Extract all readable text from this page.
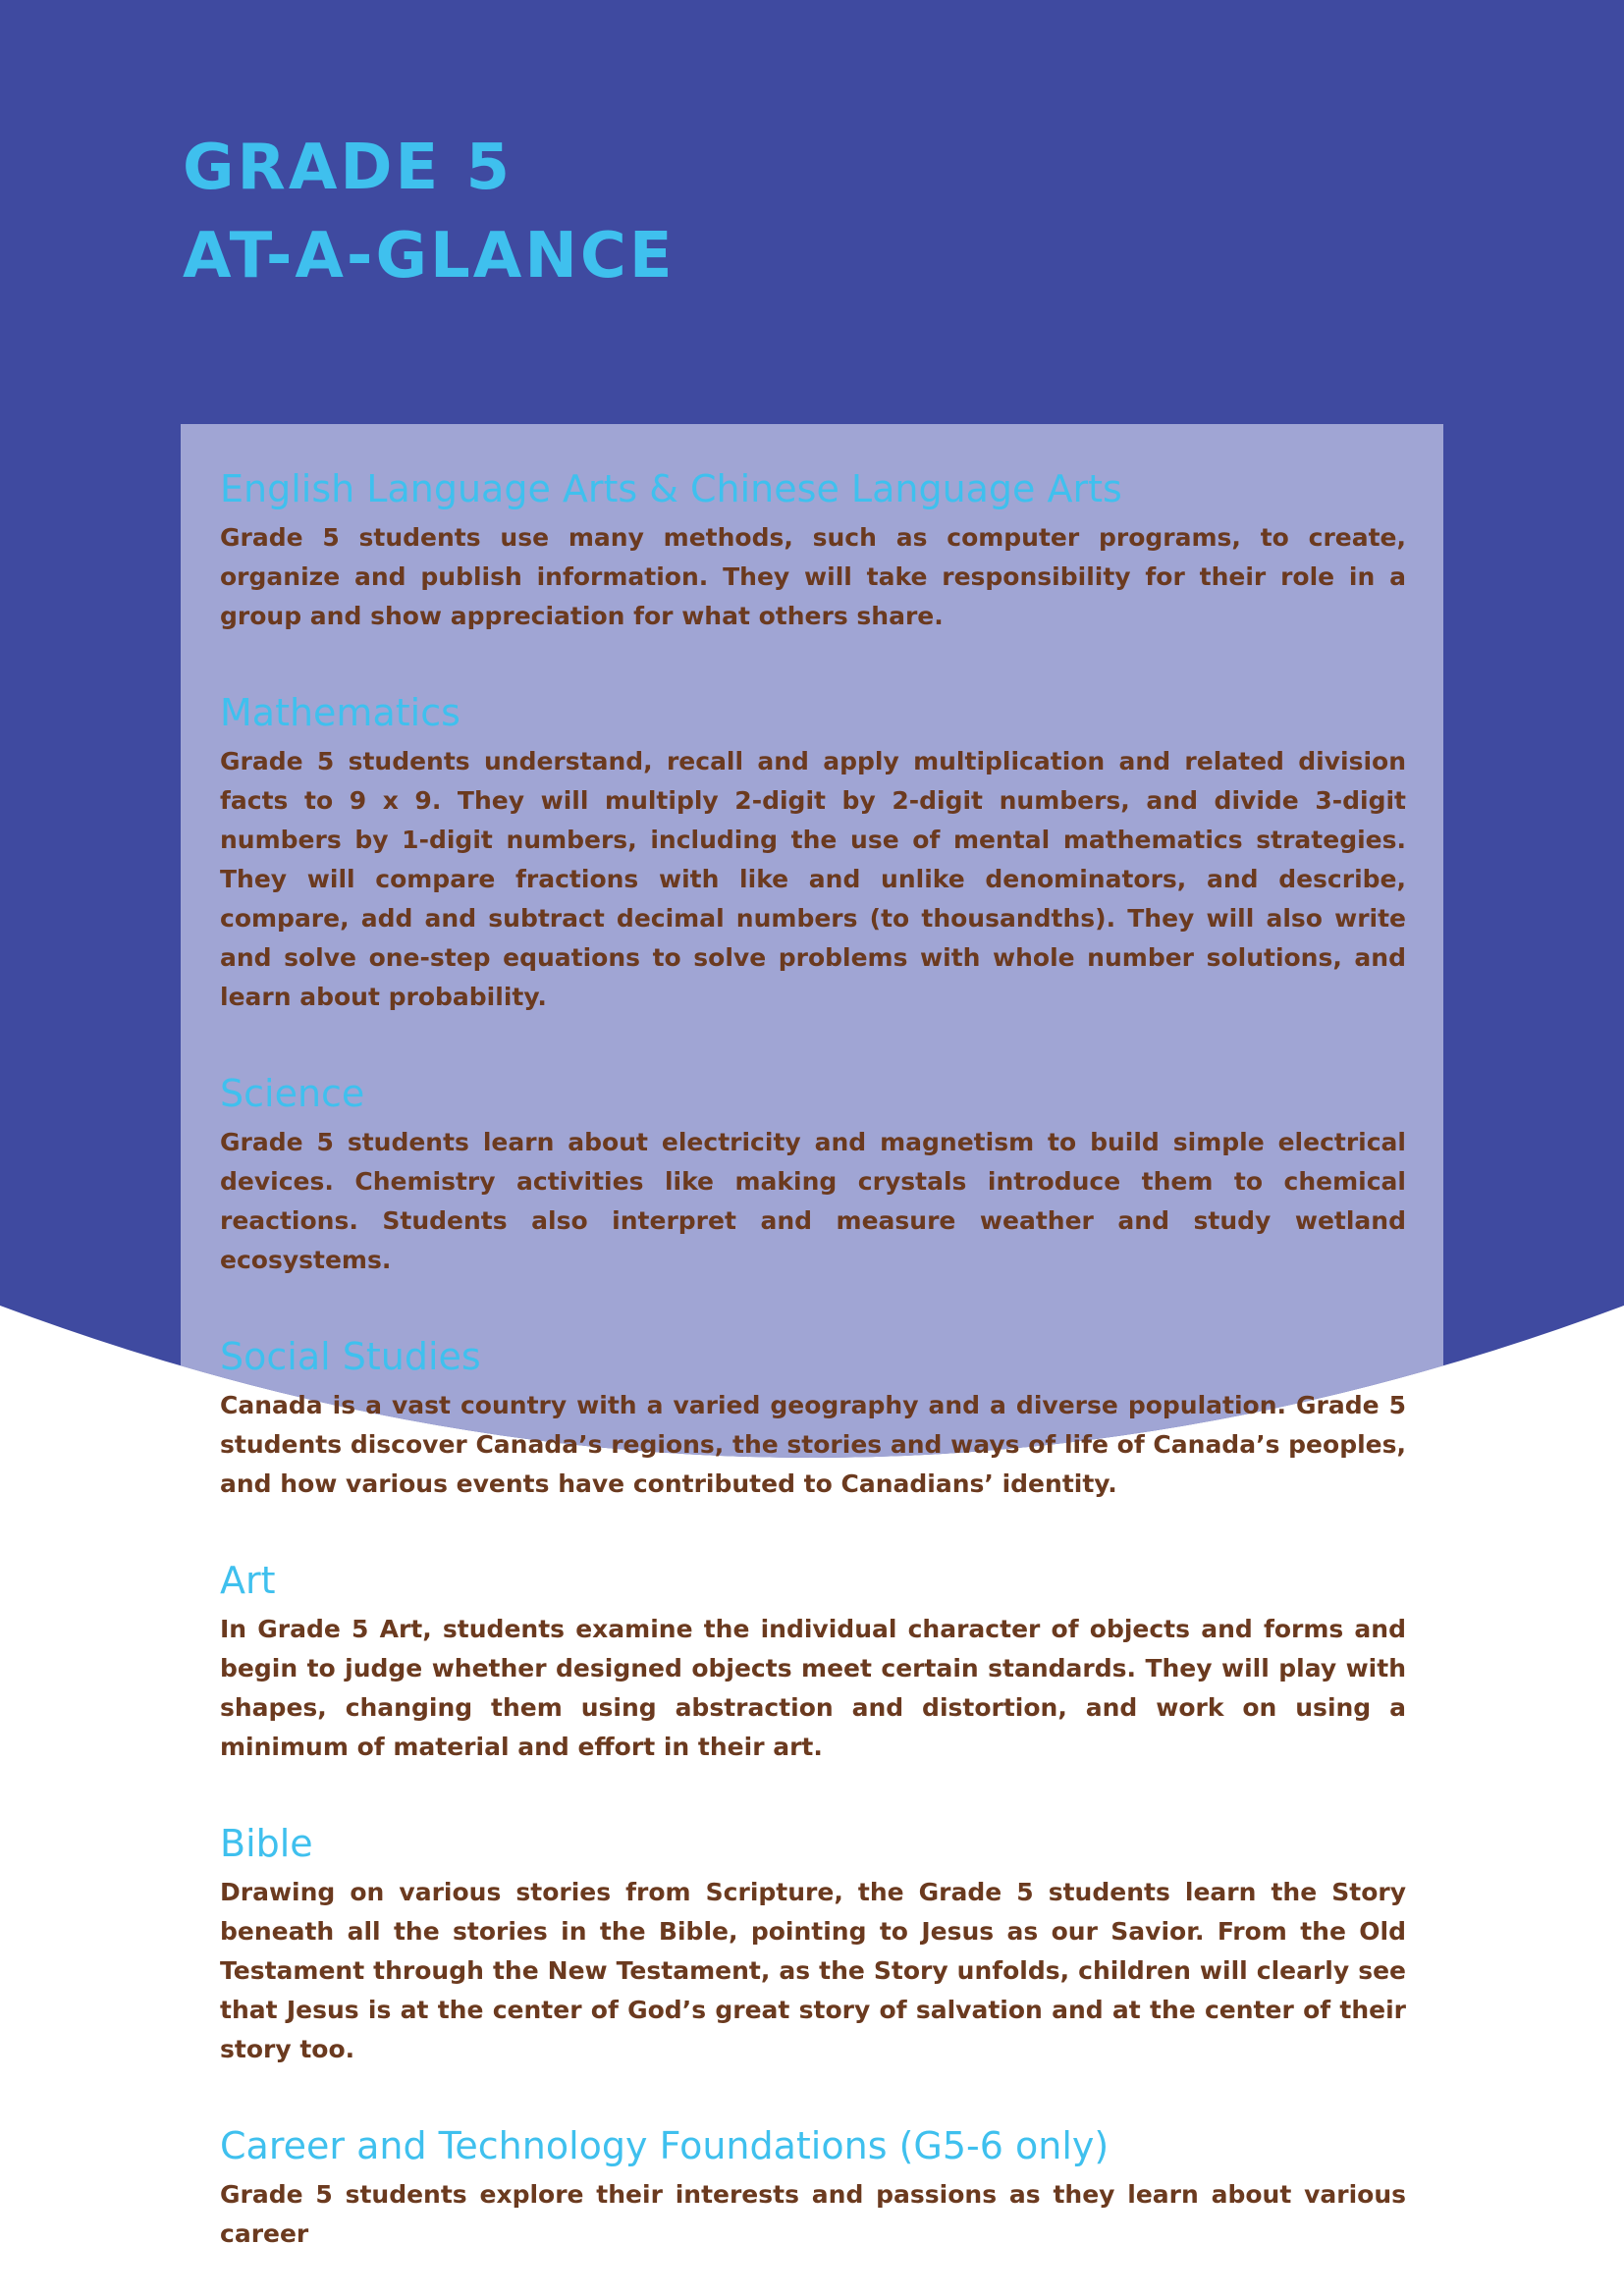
GRADE 5
AT-A-GLANCE
English Language Arts & Chinese Language Arts

Grade 5 students use many methods, such as computer programs, to create, organize and publish information. They will take responsibility for their role in a group and show appreciation for what others share.

Mathematics

Grade 5 students understand, recall and apply multiplication and related division facts to 9 x 9. They will multiply 2-digit by 2-digit numbers, and divide 3-digit numbers by 1-digit numbers, including the use of mental mathematics strategies. They will compare fractions with like and unlike denominators, and describe, compare, add and subtract decimal numbers (to thousandths). They will also write and solve one-step equations to solve problems with whole number solutions, and learn about probability.

Science

Grade 5 students learn about electricity and magnetism to build simple electrical devices. Chemistry activities like making crystals introduce them to chemical reactions. Students also interpret and measure weather and study wetland ecosystems.

Social Studies

Canada is a vast country with a varied geography and a diverse population. Grade 5 students discover Canada’s regions, the stories and ways of life of Canada’s peoples, and how various events have contributed to Canadians’ identity.

Art

In Grade 5 Art, students examine the individual character of objects and forms and begin to judge whether designed objects meet certain standards. They will play with shapes, changing them using abstraction and distortion, and work on using a minimum of material and effort in their art.

Bible

Drawing on various stories from Scripture, the Grade 5 students learn the Story beneath all the stories in the Bible, pointing to Jesus as our Savior. From the Old Testament through the New Testament, as the Story unfolds, children will clearly see that Jesus is at the center of God’s great story of salvation and at the center of their story too.

Career and Technology Foundations (G5-6 only)

Grade 5 students explore their interests and passions as they learn about various career
